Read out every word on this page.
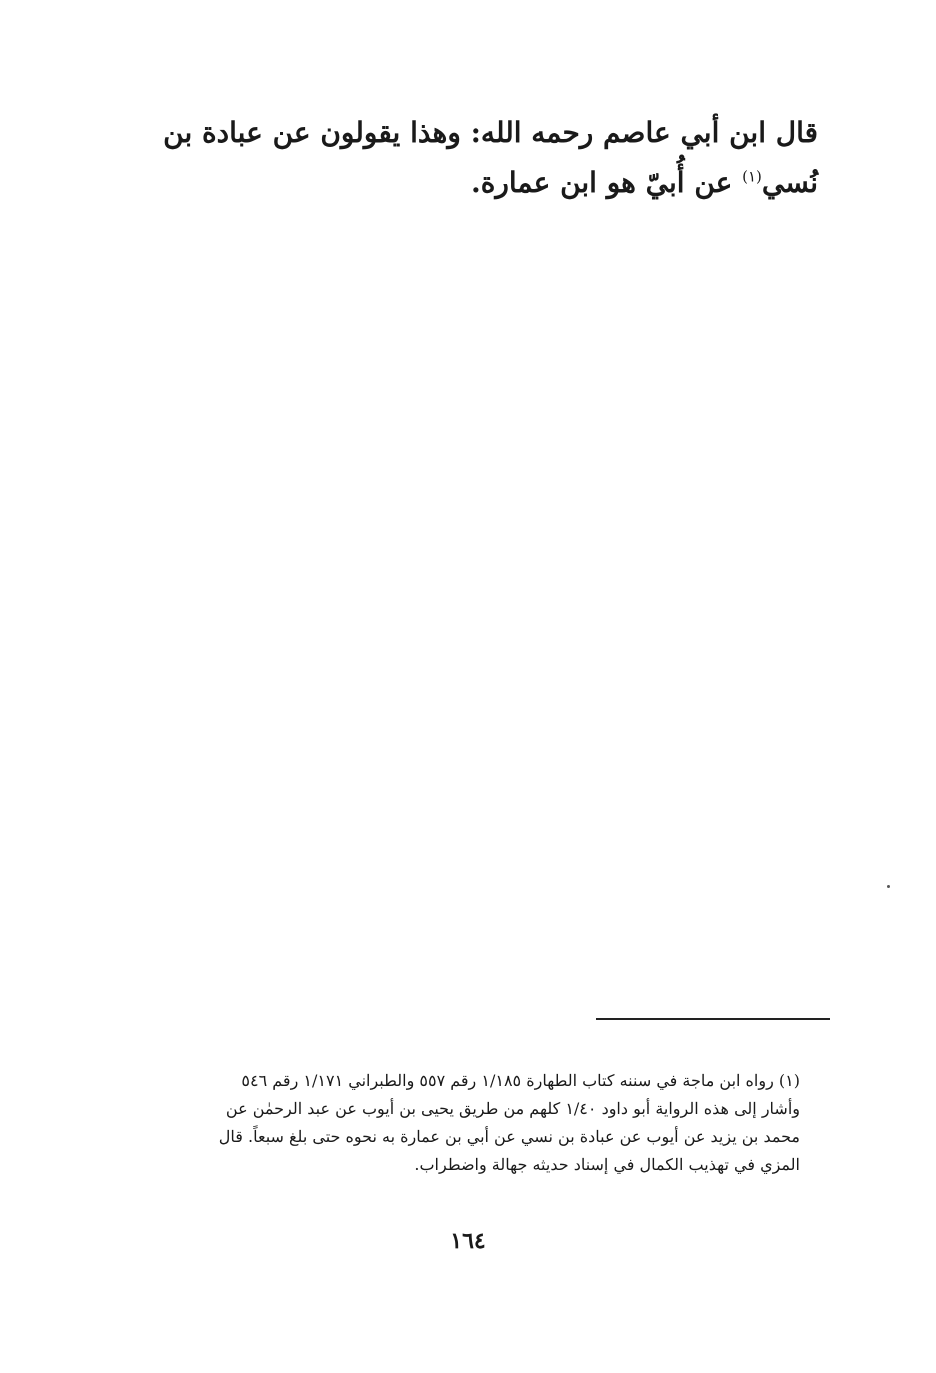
قال ابن أبي عاصم رحمه الله: وهذا يقولون عن عبادة بن
نُسي$^{(١)}$ عن أُبيّ هو ابن عمارة.
(١) رواه ابن ماجة في سننه كتاب الطهارة ١/١٨٥ رقم ٥٥٧ والطبراني ١/١٧١ رقم ٥٤٦
وأشار إلى هذه الرواية أبو داود ١/٤٠ كلهم من طريق يحيى بن أيوب عن عبد الرحمٰن عن
محمد بن يزيد عن أيوب عن عبادة بن نسي عن أبي بن عمارة به نحوه حتى بلغ سبعاً. قال
المزي في تهذيب الكمال في إسناد حديثه جهالة واضطراب.
١٦٤
